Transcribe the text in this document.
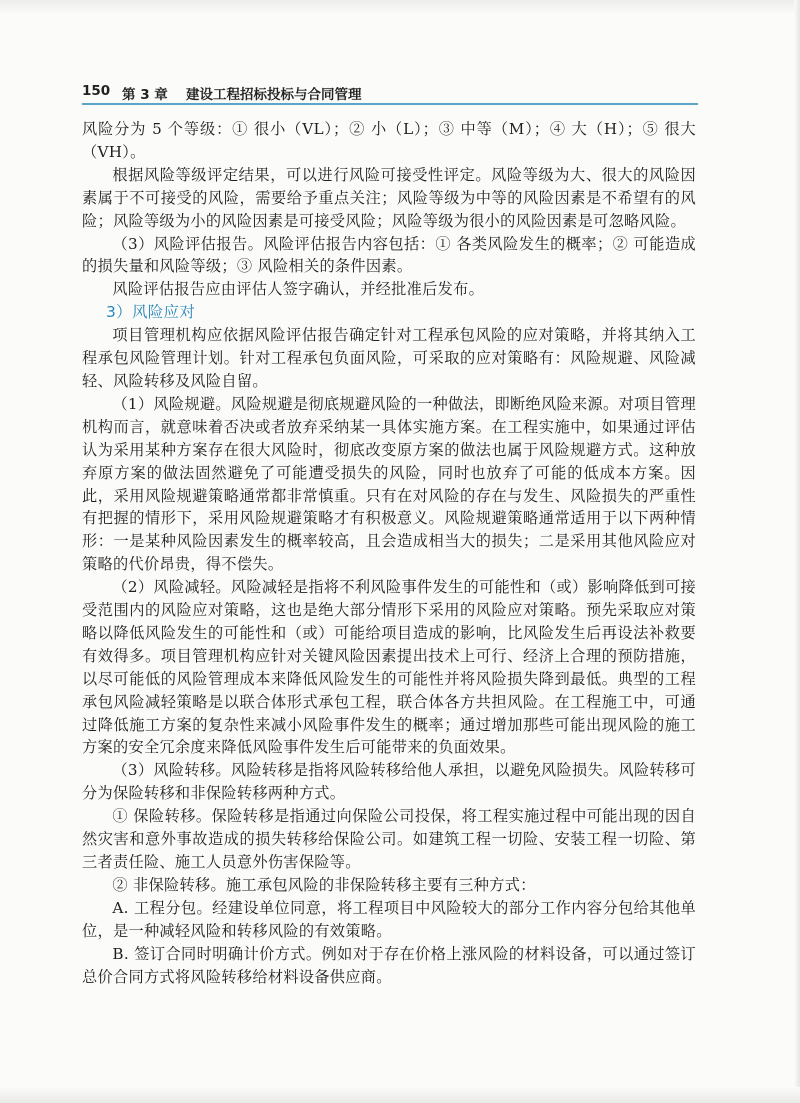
150 第 3 章 建设工程招标投标与合同管理

风险分为 5 个等级：① 很小（VL）；② 小（L）；③ 中等（M）；④ 大（H）；⑤ 很大（VH）。

根据风险等级评定结果，可以进行风险可接受性评定。风险等级为大、很大的风险因素属于不可接受的风险，需要给予重点关注；风险等级为中等的风险因素是不希望有的风险；风险等级为小的风险因素是可接受风险；风险等级为很小的风险因素是可忽略风险。

（3）风险评估报告。风险评估报告内容包括：① 各类风险发生的概率；② 可能造成的损失量和风险等级；③ 风险相关的条件因素。

风险评估报告应由评估人签字确认，并经批准后发布。

3）风险应对

项目管理机构应依据风险评估报告确定针对工程承包风险的应对策略，并将其纳入工程承包风险管理计划。针对工程承包负面风险，可采取的应对策略有：风险规避、风险减轻、风险转移及风险自留。

（1）风险规避。风险规避是彻底规避风险的一种做法，即断绝风险来源。对项目管理机构而言，就意味着否决或者放弃采纳某一具体实施方案。在工程实施中，如果通过评估认为采用某种方案存在很大风险时，彻底改变原方案的做法也属于风险规避方式。这种放弃原方案的做法固然避免了可能遭受损失的风险，同时也放弃了可能的低成本方案。因此，采用风险规避策略通常都非常慎重。只有在对风险的存在与发生、风险损失的严重性有把握的情形下，采用风险规避策略才有积极意义。风险规避策略通常适用于以下两种情形：一是某种风险因素发生的概率较高，且会造成相当大的损失；二是采用其他风险应对策略的代价昂贵，得不偿失。

（2）风险减轻。风险减轻是指将不利风险事件发生的可能性和（或）影响降低到可接受范围内的风险应对策略，这也是绝大部分情形下采用的风险应对策略。预先采取应对策略以降低风险发生的可能性和（或）可能给项目造成的影响，比风险发生后再设法补救要有效得多。项目管理机构应针对关键风险因素提出技术上可行、经济上合理的预防措施，以尽可能低的风险管理成本来降低风险发生的可能性并将风险损失降到最低。典型的工程承包风险减轻策略是以联合体形式承包工程，联合体各方共担风险。在工程施工中，可通过降低施工方案的复杂性来减小风险事件发生的概率；通过增加那些可能出现风险的施工方案的安全冗余度来降低风险事件发生后可能带来的负面效果。

（3）风险转移。风险转移是指将风险转移给他人承担，以避免风险损失。风险转移可分为保险转移和非保险转移两种方式。

① 保险转移。保险转移是指通过向保险公司投保，将工程实施过程中可能出现的因自然灾害和意外事故造成的损失转移给保险公司。如建筑工程一切险、安装工程一切险、第三者责任险、施工人员意外伤害保险等。

② 非保险转移。施工承包风险的非保险转移主要有三种方式：

A. 工程分包。经建设单位同意，将工程项目中风险较大的部分工作内容分包给其他单位，是一种减轻风险和转移风险的有效策略。

B. 签订合同时明确计价方式。例如对于存在价格上涨风险的材料设备，可以通过签订总价合同方式将风险转移给材料设备供应商。
